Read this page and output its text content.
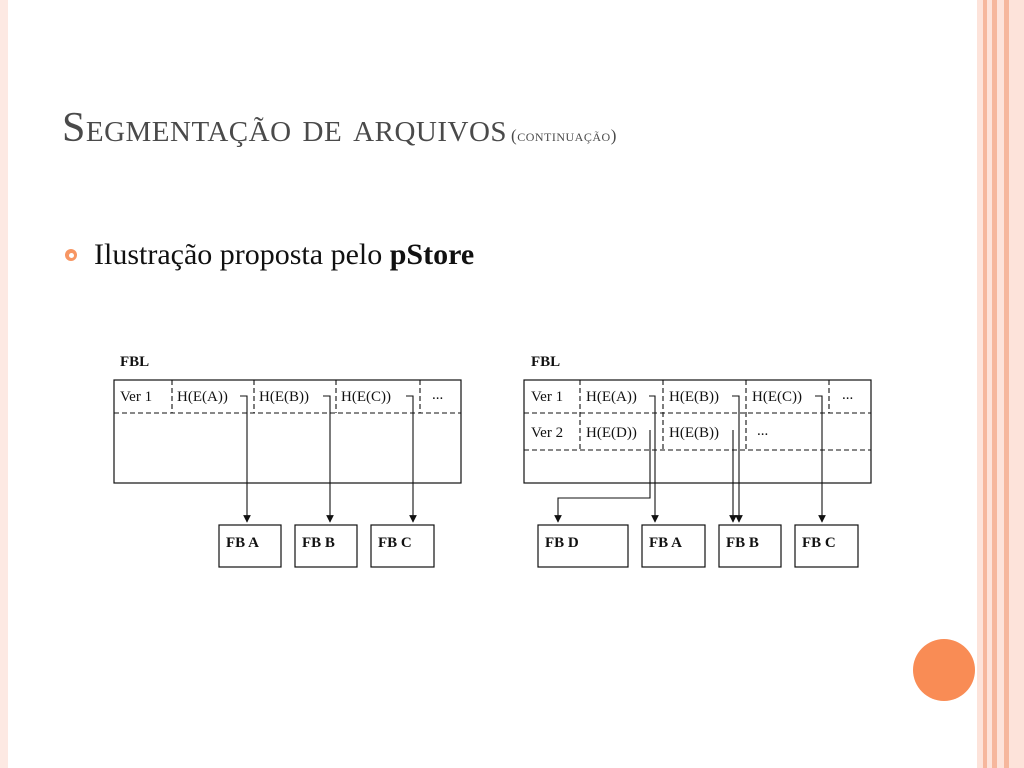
Segmentação de arquivos (continuação)
Ilustração proposta pelo pStore
FBL
Ver 1 H(E(A)) H(E(B)) H(E(C))	...
FB A	FB B	FB C
FBL
Ver 1 H(E(A)) H(E(B)) H(E(C))	...
Ver 2 H(E(D)) H(E(B))	...
FB D	FB A	FB B	FB C
